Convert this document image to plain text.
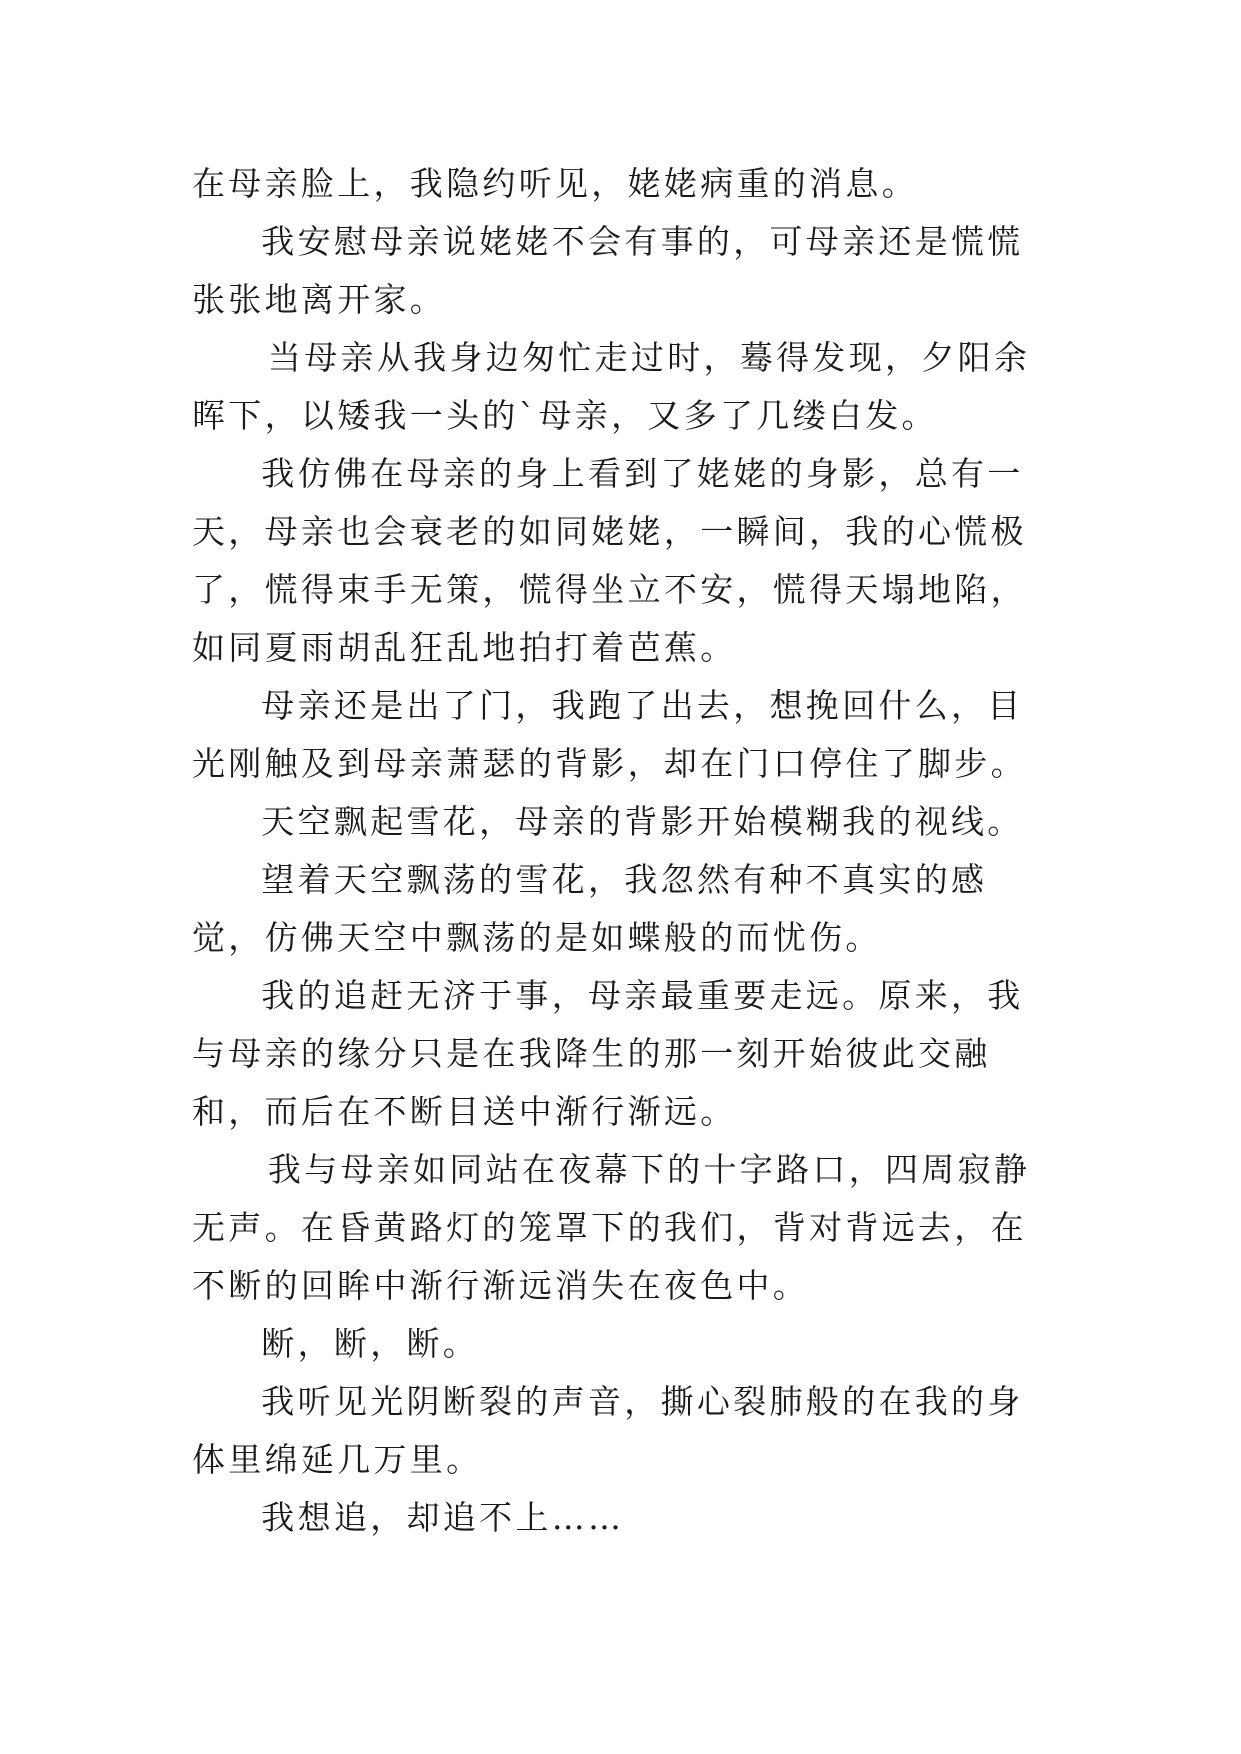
在母亲脸上，我隐约听见，姥姥病重的消息。

我安慰母亲说姥姥不会有事的，可母亲还是慌慌张张地离开家。

当母亲从我身边匆忙走过时，蓦得发现，夕阳余晖下，以矮我一头的`母亲，又多了几缕白发。

我仿佛在母亲的身上看到了姥姥的身影，总有一天，母亲也会衰老的如同姥姥，一瞬间，我的心慌极了，慌得束手无策，慌得坐立不安，慌得天塌地陷，如同夏雨胡乱狂乱地拍打着芭蕉。

母亲还是出了门，我跑了出去，想挽回什么，目光刚触及到母亲萧瑟的背影，却在门口停住了脚步。

天空飘起雪花，母亲的背影开始模糊我的视线。

望着天空飘荡的雪花，我忽然有种不真实的感觉，仿佛天空中飘荡的是如蝶般的而忧伤。

我的追赶无济于事，母亲最重要走远。原来，我与母亲的缘分只是在我降生的那一刻开始彼此交融和，而后在不断目送中渐行渐远。

我与母亲如同站在夜幕下的十字路口，四周寂静无声。在昏黄路灯的笼罩下的我们，背对背远去，在不断的回眸中渐行渐远消失在夜色中。

断，断，断。

我听见光阴断裂的声音，撕心裂肺般的在我的身体里绵延几万里。

我想追，却追不上……
